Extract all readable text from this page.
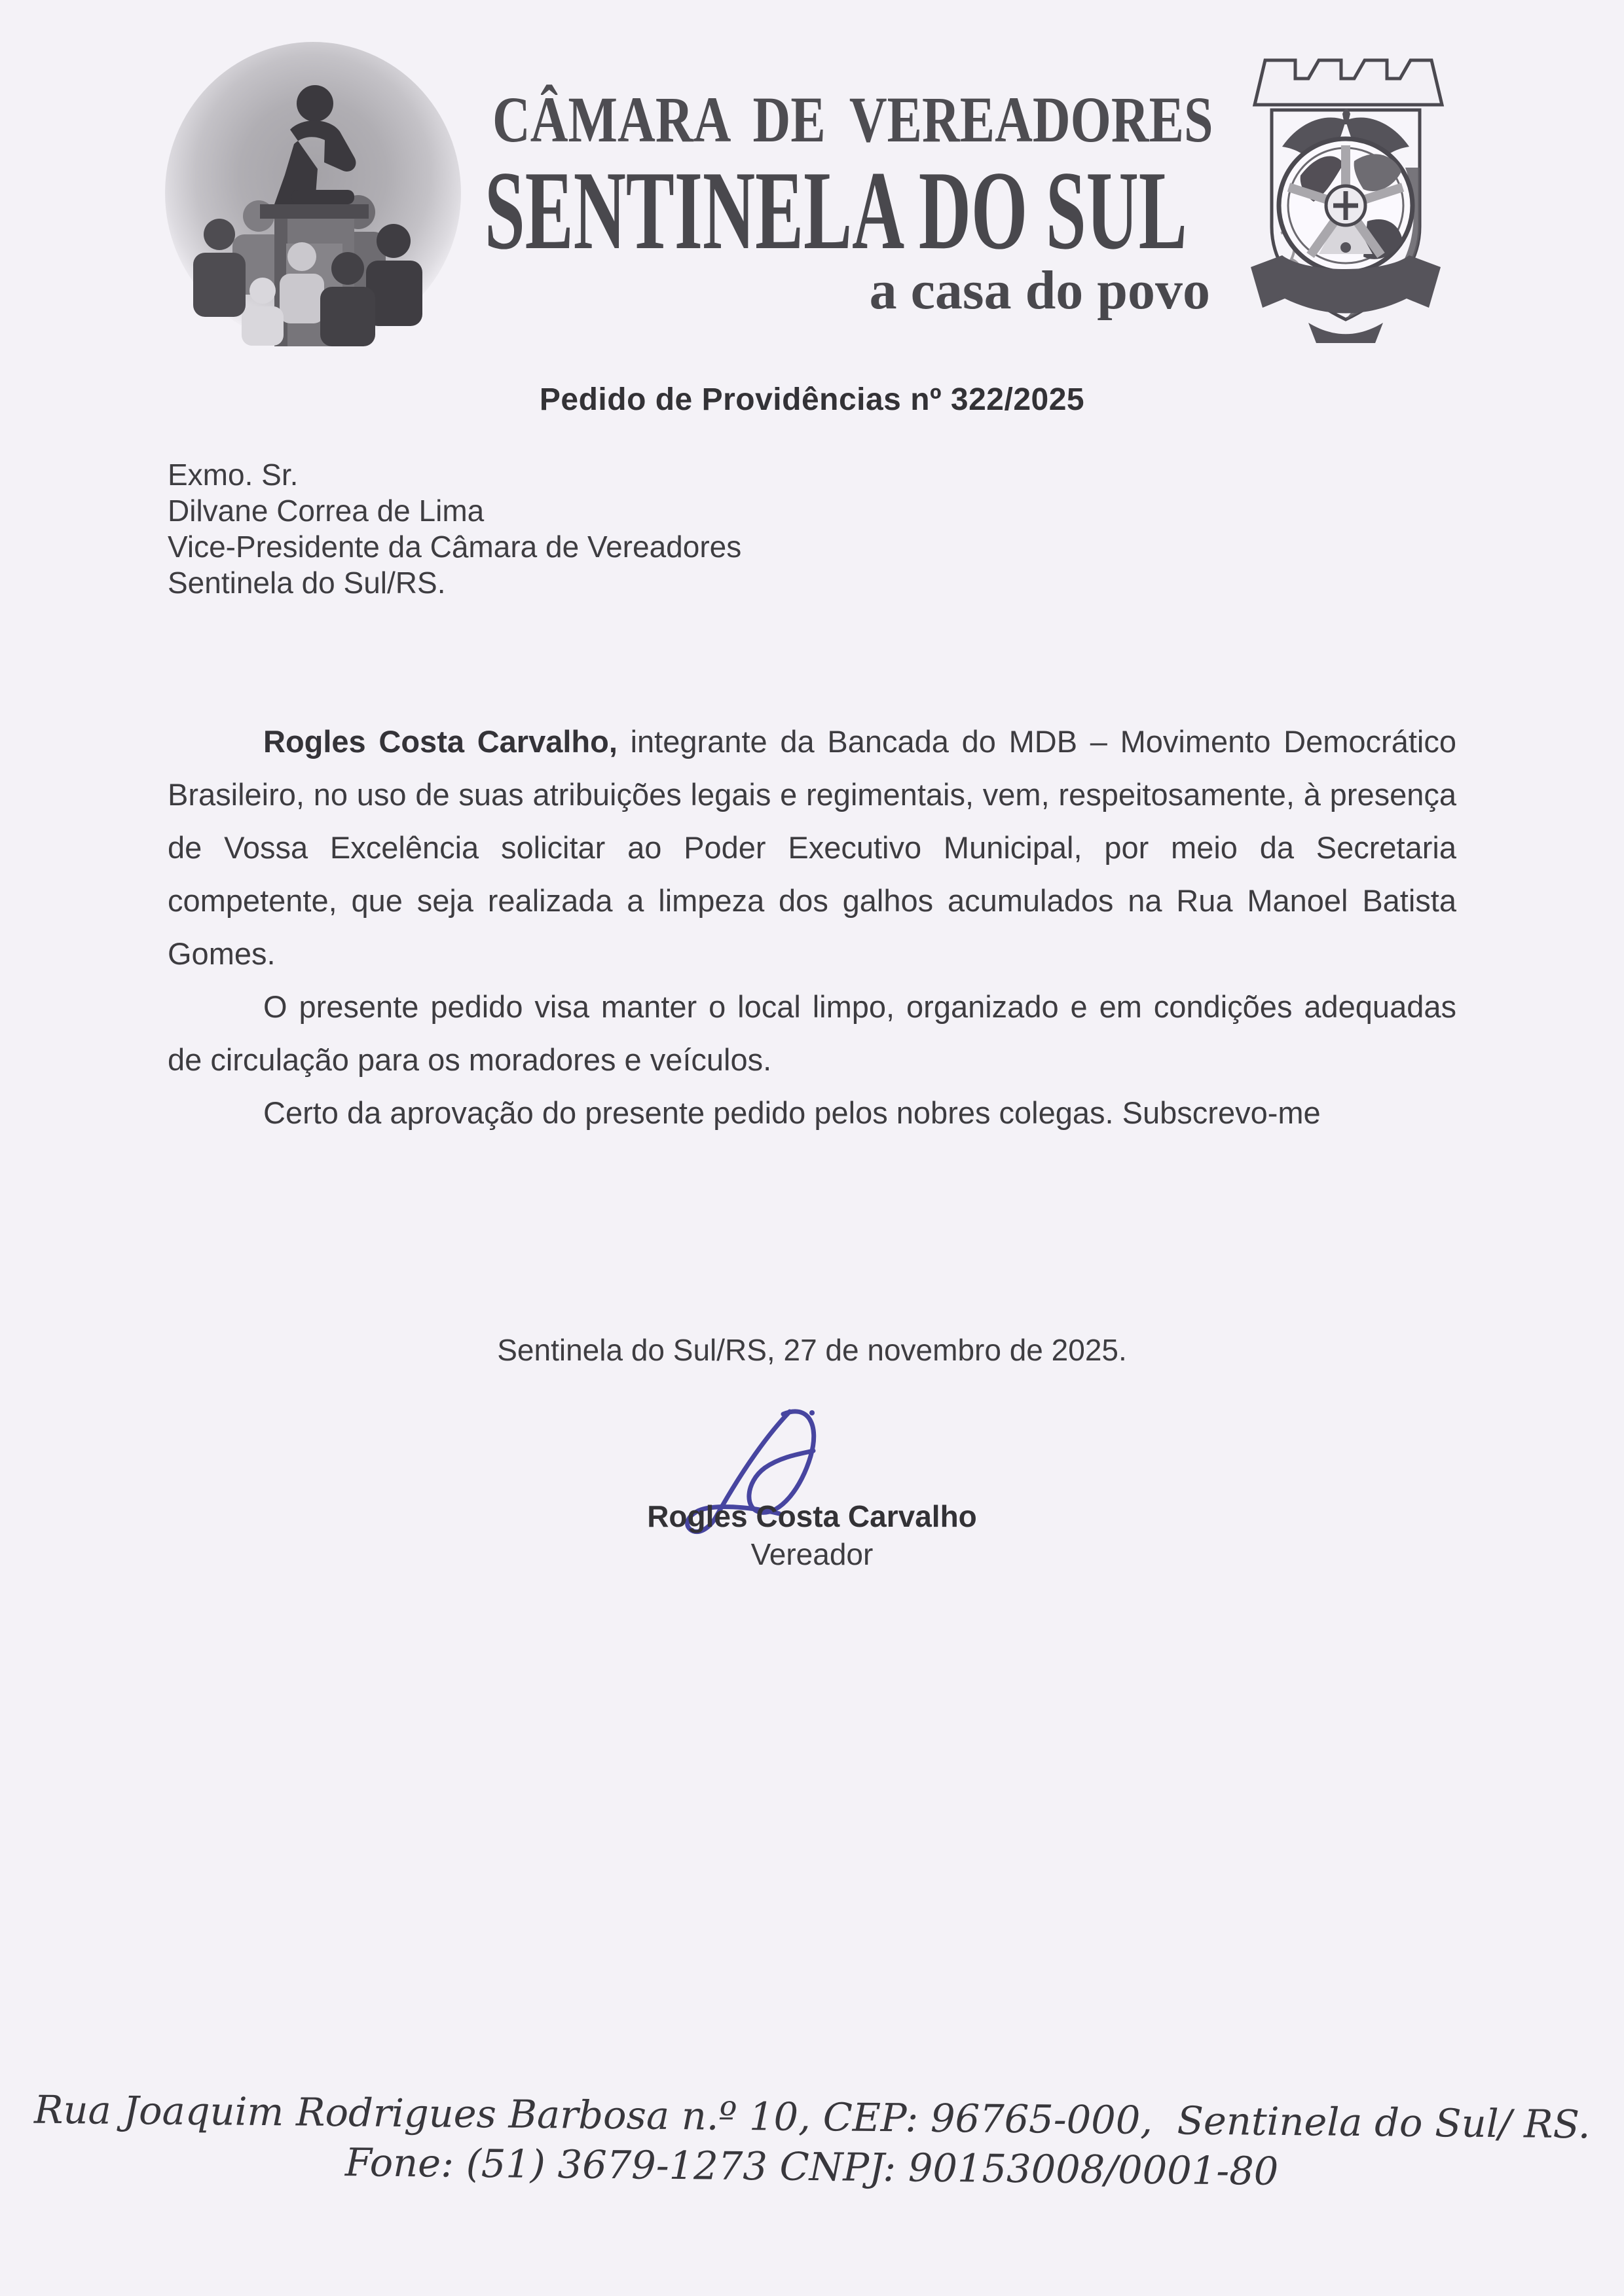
CÂMARA DE VEREADORES
SENTINELA DO SUL
a casa do povo
Pedido de Providências nº 322/2025
Exmo. Sr.
Dilvane Correa de Lima
Vice-Presidente da Câmara de Vereadores
Sentinela do Sul/RS.

Rogles Costa Carvalho, integrante da Bancada do MDB – Movimento Democrático Brasileiro, no uso de suas atribuições legais e regimentais, vem, respeitosamente, à presença de Vossa Excelência solicitar ao Poder Executivo Municipal, por meio da Secretaria competente, que seja realizada a limpeza dos galhos acumulados na Rua Manoel Batista Gomes.

O presente pedido visa manter o local limpo, organizado e em condições adequadas de circulação para os moradores e veículos.

Certo da aprovação do presente pedido pelos nobres colegas. Subscrevo-me

Sentinela do Sul/RS, 27 de novembro de 2025.
Rogles Costa Carvalho
Vereador
Rua Joaquim Rodrigues Barbosa n.º 10, CEP: 96765-000,  Sentinela do Sul/ RS.
Fone: (51) 3679-1273 CNPJ: 90153008/0001-80
